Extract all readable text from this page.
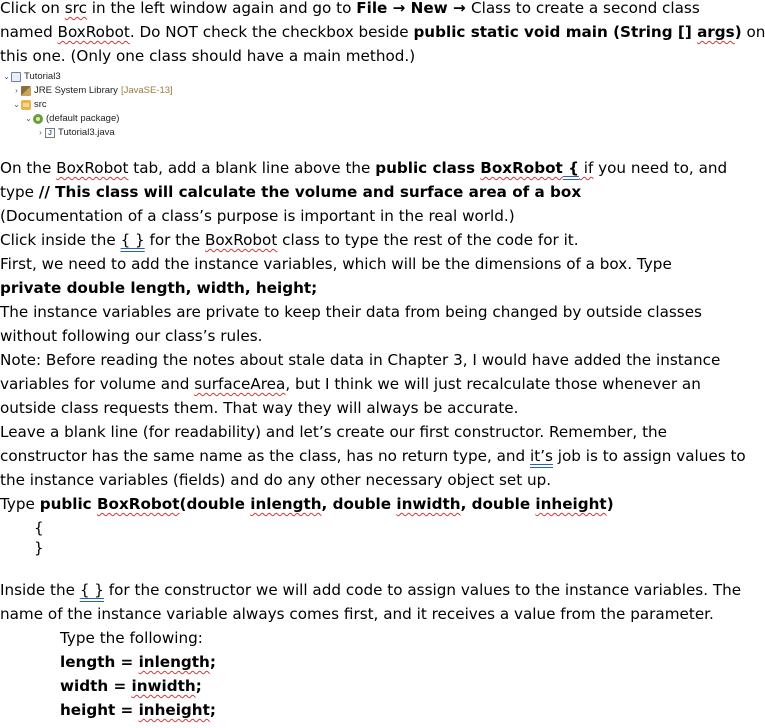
Click on src in the left window again and go to File → New → Class to create a second class
named BoxRobot. Do NOT check the checkbox beside public static void main (String [] args) on
this one. (Only one class should have a main method.)
⌄ Tutorial3
›	JRE System Library [JavaSE-13]
⌄ src
⌄ (default package)
›
J	Tutorial3.java
On the BoxRobot tab, add a blank line above the public class BoxRobot { if you need to, and
type // This class will calculate the volume and surface area of a box
(Documentation of a class’s purpose is important in the real world.)
Click inside the { } for the BoxRobot class to type the rest of the code for it.
First, we need to add the instance variables, which will be the dimensions of a box. Type
private double length, width, height;
The instance variables are private to keep their data from being changed by outside classes
without following our class’s rules.
Note: Before reading the notes about stale data in Chapter 3, I would have added the instance
variables for volume and surfaceArea, but I think we will just recalculate those whenever an
outside class requests them. That way they will always be accurate.
Leave a blank line (for readability) and let’s create our first constructor. Remember, the
constructor has the same name as the class, has no return type, and it’s job is to assign values to
the instance variables (fields) and do any other necessary object set up.
Type public BoxRobot(double inlength, double inwidth, double inheight)
{
}
Inside the { } for the constructor we will add code to assign values to the instance variables. The
name of the instance variable always comes first, and it receives a value from the parameter.
Type the following:
length = inlength;
width = inwidth;
height = inheight;
